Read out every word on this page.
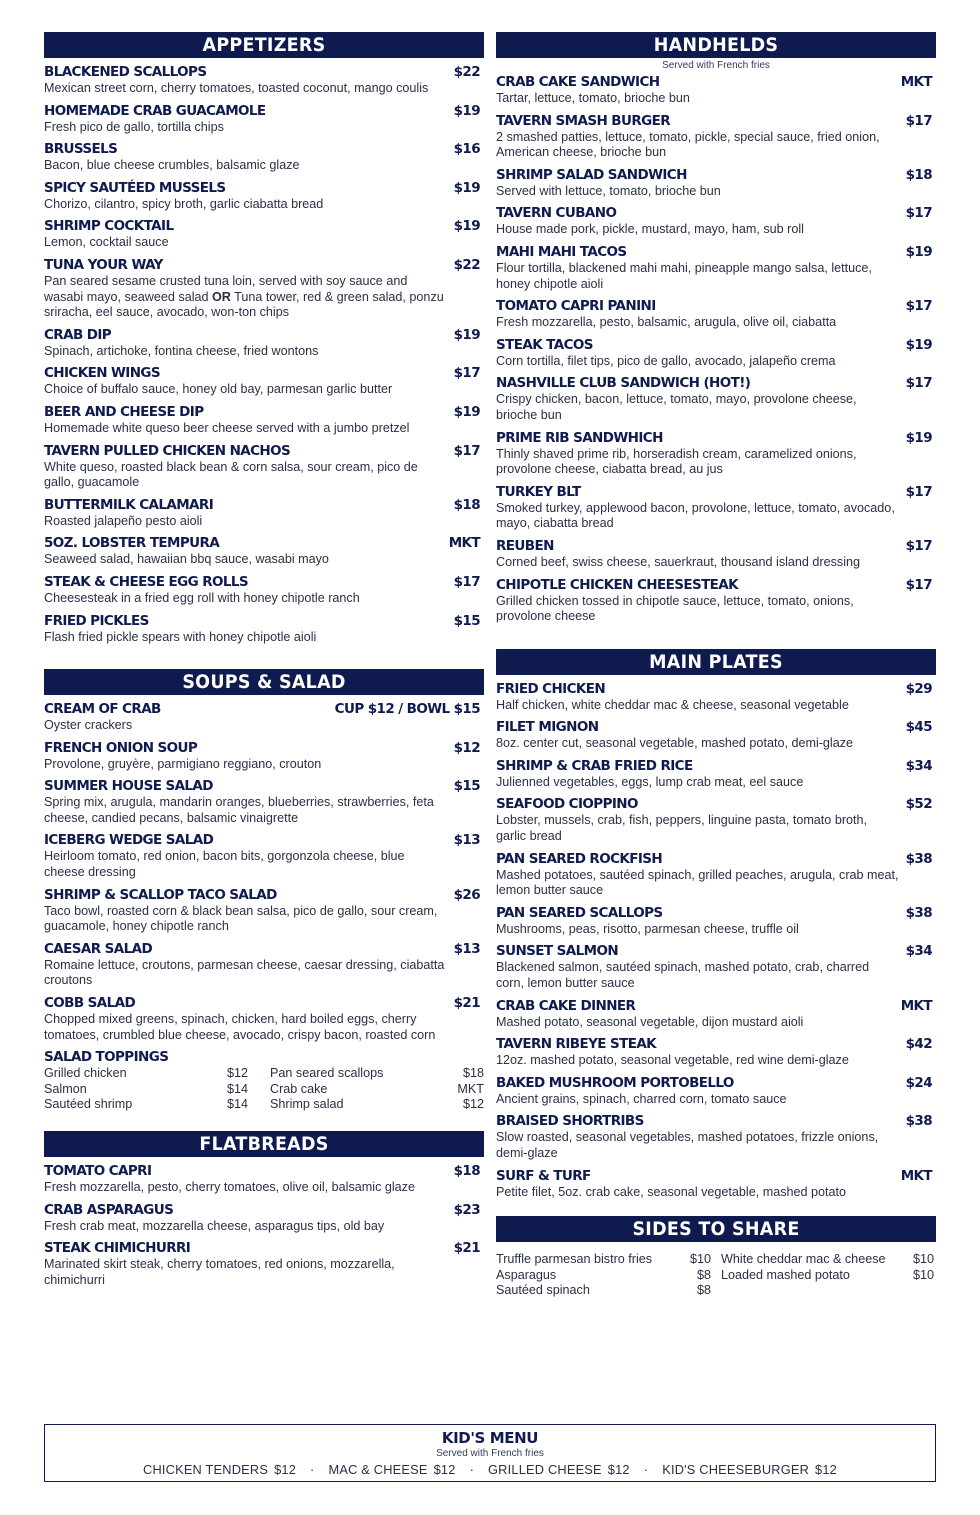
APPETIZERS
BLACKENED SCALLOPS	$22
Mexican street corn, cherry tomatoes, toasted coconut, mango coulis
HOMEMADE CRAB GUACAMOLE	$19
Fresh pico de gallo, tortilla chips
BRUSSELS	$16
Bacon, blue cheese crumbles, balsamic glaze
SPICY SAUTÉED MUSSELS	$19
Chorizo, cilantro, spicy broth, garlic ciabatta bread
SHRIMP COCKTAIL	$19
Lemon, cocktail sauce
TUNA YOUR WAY	$22
Pan seared sesame crusted tuna loin, served with soy sauce and wasabi mayo, seaweed salad OR Tuna tower, red & green salad, ponzu sriracha, eel sauce, avocado, won-ton chips
CRAB DIP	$19
Spinach, artichoke, fontina cheese, fried wontons
CHICKEN WINGS	$17
Choice of buffalo sauce, honey old bay, parmesan garlic butter
BEER AND CHEESE DIP	$19
Homemade white queso beer cheese served with a jumbo pretzel
TAVERN PULLED CHICKEN NACHOS	$17
White queso, roasted black bean & corn salsa, sour cream, pico de gallo, guacamole
BUTTERMILK CALAMARI	$18
Roasted jalapeño pesto aioli
5OZ. LOBSTER TEMPURA	MKT
Seaweed salad, hawaiian bbq sauce, wasabi mayo
STEAK & CHEESE EGG ROLLS	$17
Cheesesteak in a fried egg roll with honey chipotle ranch
FRIED PICKLES	$15
Flash fried pickle spears with honey chipotle aioli
SOUPS & SALAD
CREAM OF CRAB	CUP $12 / BOWL $15
Oyster crackers
FRENCH ONION SOUP	$12
Provolone, gruyère, parmigiano reggiano, crouton
SUMMER HOUSE SALAD	$15
Spring mix, arugula, mandarin oranges, blueberries, strawberries, feta cheese, candied pecans, balsamic vinaigrette
ICEBERG WEDGE SALAD	$13
Heirloom tomato, red onion, bacon bits, gorgonzola cheese, blue cheese dressing
SHRIMP & SCALLOP TACO SALAD	$26
Taco bowl, roasted corn & black bean salsa, pico de gallo, sour cream, guacamole, honey chipotle ranch
CAESAR SALAD	$13
Romaine lettuce, croutons, parmesan cheese, caesar dressing, ciabatta croutons
COBB SALAD	$21
Chopped mixed greens, spinach, chicken, hard boiled eggs, cherry tomatoes, crumbled blue cheese, avocado, crispy bacon, roasted corn
SALAD TOPPINGS
Grilled chicken	$12	Pan seared scallops	$18
Salmon	$14	Crab cake	MKT
Sautéed shrimp	$14	Shrimp salad	$12
FLATBREADS
TOMATO CAPRI	$18
Fresh mozzarella, pesto, cherry tomatoes, olive oil, balsamic glaze
CRAB ASPARAGUS	$23
Fresh crab meat, mozzarella cheese, asparagus tips, old bay
STEAK CHIMICHURRI	$21
Marinated skirt steak, cherry tomatoes, red onions, mozzarella, chimichurri
HANDHELDS
Served with French fries
CRAB CAKE SANDWICH	MKT
Tartar, lettuce, tomato, brioche bun
TAVERN SMASH BURGER	$17
2 smashed patties, lettuce, tomato, pickle, special sauce, fried onion, American cheese, brioche bun
SHRIMP SALAD SANDWICH	$18
Served with lettuce, tomato, brioche bun
TAVERN CUBANO	$17
House made pork, pickle, mustard, mayo, ham, sub roll
MAHI MAHI TACOS	$19
Flour tortilla, blackened mahi mahi, pineapple mango salsa, lettuce, honey chipotle aioli
TOMATO CAPRI PANINI	$17
Fresh mozzarella, pesto, balsamic, arugula, olive oil, ciabatta
STEAK TACOS	$19
Corn tortilla, filet tips, pico de gallo, avocado, jalapeño crema
NASHVILLE CLUB SANDWICH (HOT!)	$17
Crispy chicken, bacon, lettuce, tomato, mayo, provolone cheese, brioche bun
PRIME RIB SANDWHICH	$19
Thinly shaved prime rib, horseradish cream, caramelized onions, provolone cheese, ciabatta bread, au jus
TURKEY BLT	$17
Smoked turkey, applewood bacon, provolone, lettuce, tomato, avocado, mayo, ciabatta bread
REUBEN	$17
Corned beef, swiss cheese, sauerkraut, thousand island dressing
CHIPOTLE CHICKEN CHEESESTEAK	$17
Grilled chicken tossed in chipotle sauce, lettuce, tomato, onions, provolone cheese
MAIN PLATES
FRIED CHICKEN	$29
Half chicken, white cheddar mac & cheese, seasonal vegetable
FILET MIGNON	$45
8oz. center cut, seasonal vegetable, mashed potato, demi-glaze
SHRIMP & CRAB FRIED RICE	$34
Julienned vegetables, eggs, lump crab meat, eel sauce
SEAFOOD CIOPPINO	$52
Lobster, mussels, crab, fish, peppers, linguine pasta, tomato broth, garlic bread
PAN SEARED ROCKFISH	$38
Mashed potatoes, sautéed spinach, grilled peaches, arugula, crab meat, lemon butter sauce
PAN SEARED SCALLOPS	$38
Mushrooms, peas, risotto, parmesan cheese, truffle oil
SUNSET SALMON	$34
Blackened salmon, sautéed spinach, mashed potato, crab, charred corn, lemon butter sauce
CRAB CAKE DINNER	MKT
Mashed potato, seasonal vegetable, dijon mustard aioli
TAVERN RIBEYE STEAK	$42
12oz. mashed potato, seasonal vegetable, red wine demi-glaze
BAKED MUSHROOM PORTOBELLO	$24
Ancient grains, spinach, charred corn, tomato sauce
BRAISED SHORTRIBS	$38
Slow roasted, seasonal vegetables, mashed potatoes, frizzle onions, demi-glaze
SURF & TURF	MKT
Petite filet, 5oz. crab cake, seasonal vegetable, mashed potato
SIDES TO SHARE
Truffle parmesan bistro fries	$10 White cheddar mac & cheese	$10
Asparagus	$8 Loaded mashed potato	$10
Sautéed spinach	$8
KID'S MENU
Served with French fries
CHICKEN TENDERS $12 · MAC & CHEESE $12 · GRILLED CHEESE $12 · KID'S CHEESEBURGER $12
